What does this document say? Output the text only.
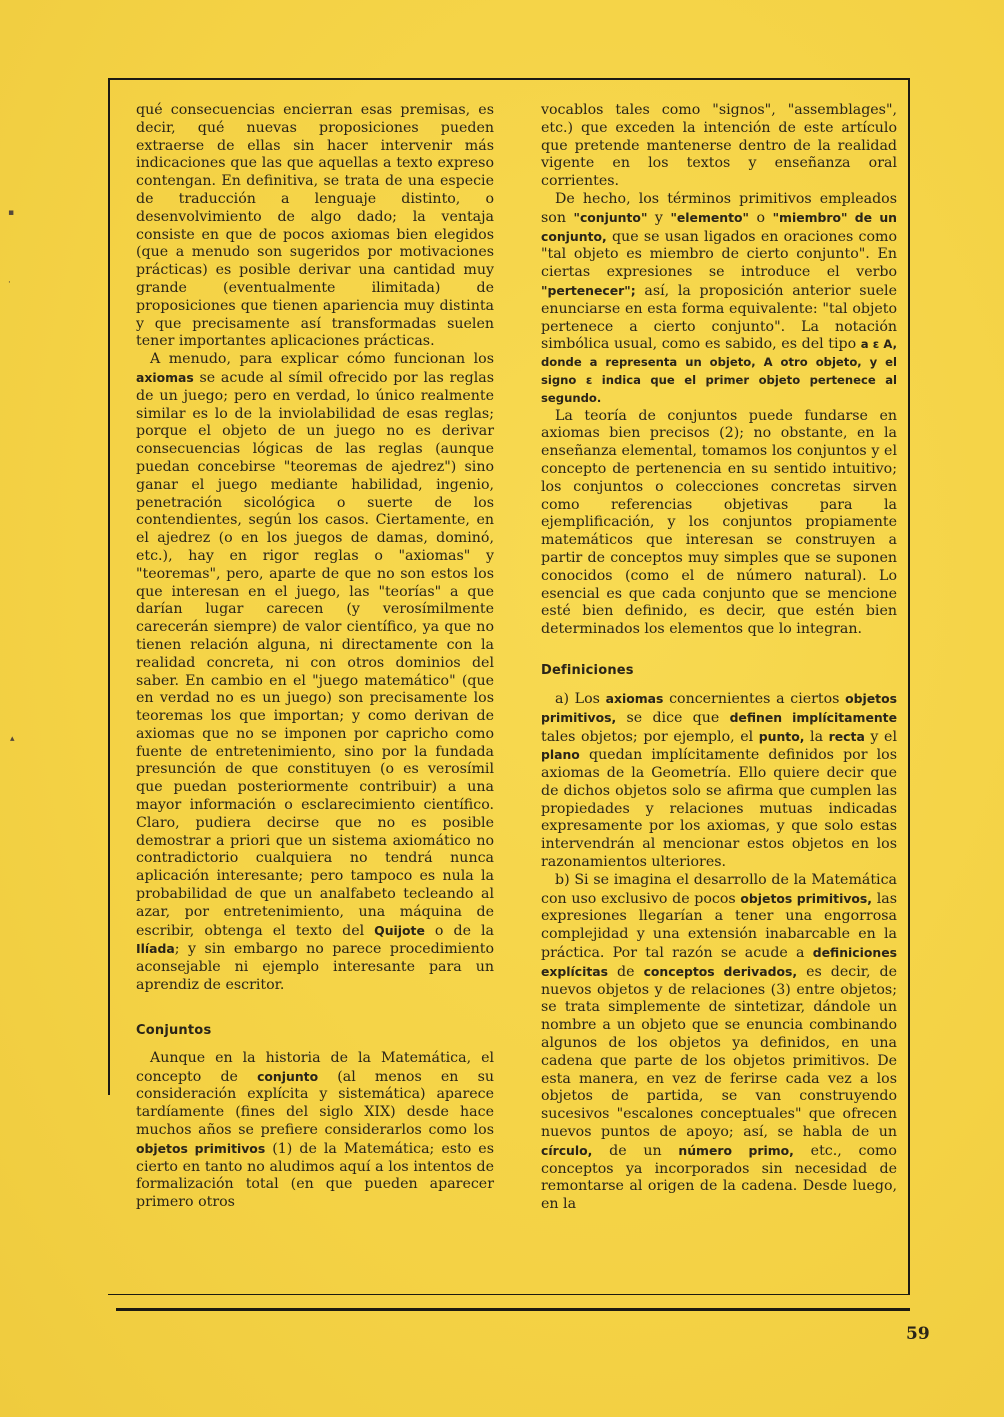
▪
·
▴

qué consecuencias encierran esas premisas, es decir, qué nuevas proposiciones pueden extraerse de ellas sin hacer intervenir más indicaciones que las que aquellas a texto expreso contengan. En definitiva, se trata de una especie de traducción a lenguaje distinto, o desenvolvimiento de algo dado; la ventaja consiste en que de pocos axiomas bien elegidos (que a menudo son sugeridos por motivaciones prácticas) es posible derivar una cantidad muy grande (eventualmente ilimitada) de proposiciones que tienen apariencia muy distinta y que precisamente así transformadas suelen tener importantes aplicaciones prácticas.

A menudo, para explicar cómo funcionan los axiomas se acude al símil ofrecido por las reglas de un juego; pero en verdad, lo único realmente similar es lo de la inviolabilidad de esas reglas; porque el objeto de un juego no es derivar consecuencias lógicas de las reglas (aunque puedan concebirse "teoremas de ajedrez") sino ganar el juego mediante habilidad, ingenio, penetración sicológica o suerte de los contendientes, según los casos. Ciertamente, en el ajedrez (o en los juegos de damas, dominó, etc.), hay en rigor reglas o "axiomas" y "teoremas", pero, aparte de que no son estos los que interesan en el juego, las "teorías" a que darían lugar carecen (y verosímilmente carecerán siempre) de valor científico, ya que no tienen relación alguna, ni directamente con la realidad concreta, ni con otros dominios del saber. En cambio en el "juego matemático" (que en verdad no es un juego) son precisamente los teoremas los que importan; y como derivan de axiomas que no se imponen por capricho como fuente de entretenimiento, sino por la fundada presunción de que constituyen (o es verosímil que puedan posteriormente contribuir) a una mayor información o esclarecimiento científico. Claro, pudiera decirse que no es posible demostrar a priori que un sistema axiomático no contradictorio cualquiera no tendrá nunca aplicación interesante; pero tampoco es nula la probabilidad de que un analfabeto tecleando al azar, por entretenimiento, una máquina de escribir, obtenga el texto del Quijote o de la Ilíada; y sin embargo no parece procedimiento aconsejable ni ejemplo interesante para un aprendiz de escritor.

Conjuntos

Aunque en la historia de la Matemática, el concepto de conjunto (al menos en su consideración explícita y sistemática) aparece tardíamente (fines del siglo XIX) desde hace muchos años se prefiere considerarlos como los objetos primitivos (1) de la Matemática; esto es cierto en tanto no aludimos aquí a los intentos de formalización total (en que pueden aparecer primero otros

vocablos tales como "signos", "assemblages", etc.) que exceden la intención de este artículo que pretende mantenerse dentro de la realidad vigente en los textos y enseñanza oral corrientes.

De hecho, los términos primitivos empleados son "conjunto" y "elemento" o "miembro" de un conjunto, que se usan ligados en oraciones como "tal objeto es miembro de cierto conjunto". En ciertas expresiones se introduce el verbo "pertenecer"; así, la proposición anterior suele enunciarse en esta forma equivalente: "tal objeto pertenece a cierto conjunto". La notación simbólica usual, como es sabido, es del tipo a ε A, donde a representa un objeto, A otro objeto, y el signo ε indica que el primer objeto pertenece al segundo.

La teoría de conjuntos puede fundarse en axiomas bien precisos (2); no obstante, en la enseñanza elemental, tomamos los conjuntos y el concepto de pertenencia en su sentido intuitivo; los conjuntos o colecciones concretas sirven como referencias objetivas para la ejemplificación, y los conjuntos propiamente matemáticos que interesan se construyen a partir de conceptos muy simples que se suponen conocidos (como el de número natural). Lo esencial es que cada conjunto que se mencione esté bien definido, es decir, que estén bien determinados los elementos que lo integran.

Definiciones

a) Los axiomas concernientes a ciertos objetos primitivos, se dice que definen implícitamente tales objetos; por ejemplo, el punto, la recta y el plano quedan implícitamente definidos por los axiomas de la Geometría. Ello quiere decir que de dichos objetos solo se afirma que cumplen las propiedades y relaciones mutuas indicadas expresamente por los axiomas, y que solo estas intervendrán al mencionar estos objetos en los razonamientos ulteriores.

b) Si se imagina el desarrollo de la Matemática con uso exclusivo de pocos objetos primitivos, las expresiones llegarían a tener una engorrosa complejidad y una extensión inabarcable en la práctica. Por tal razón se acude a definiciones explícitas de conceptos derivados, es decir, de nuevos objetos y de relaciones (3) entre objetos; se trata simplemente de sintetizar, dándole un nombre a un objeto que se enuncia combinando algunos de los objetos ya definidos, en una cadena que parte de los objetos primitivos. De esta manera, en vez de ferirse cada vez a los objetos de partida, se van construyendo sucesivos "escalones conceptuales" que ofrecen nuevos puntos de apoyo; así, se habla de un círculo, de un número primo, etc., como conceptos ya incorporados sin necesidad de remontarse al origen de la cadena. Desde luego, en la

59
